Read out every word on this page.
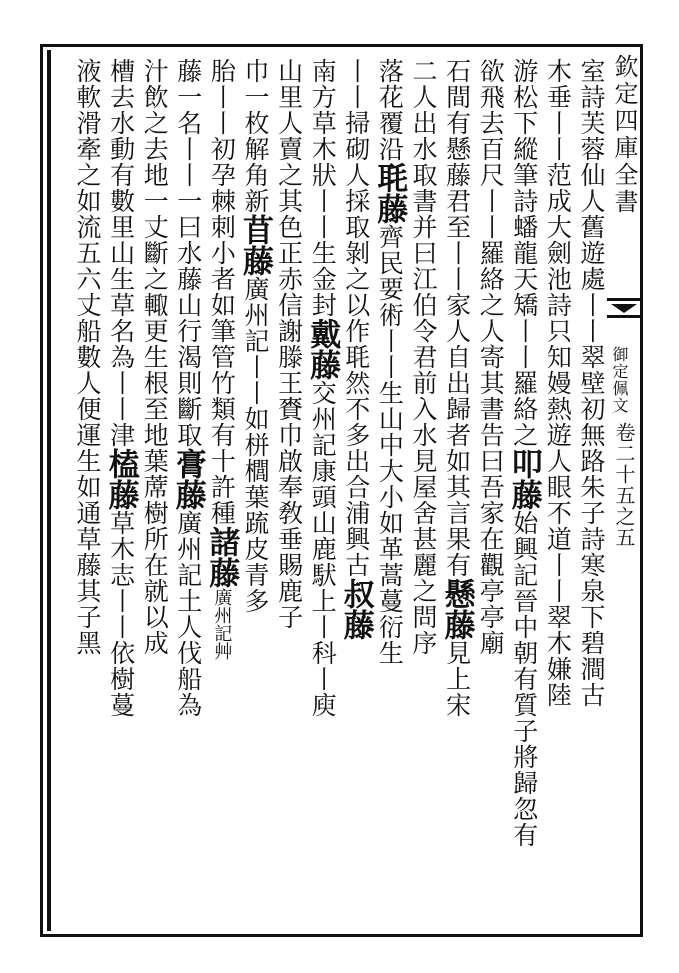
室詩芙蓉仙人舊遊處丨丨翠壁初無路朱子詩寒泉下碧澗古
木垂丨丨范成大劍池詩只知嫚熱遊人眼不道丨丨翠木嫌陸
游松下縱筆詩蟠龍天矯丨丨羅絡之叩藤始興記晉中朝有質子將歸忽有
欲飛去百尺丨丨羅絡之人寄其書告曰吾家在觀亭亭廟
石間有懸藤君至丨丨家人自出歸者如其言果有懸藤見上宋
二人出水取書并曰江伯令君前入水見屋舍甚麗之問序
落花覆沿毦藤齊民要術丨丨生山中大小如革蒿蔓衍生
丨丨掃砌人採取剝之以作毦然不多出合浦興古叔藤
南方草木狀丨丨生金封戴藤交州記康頭山鹿䭾上丨科丨庾
山里人賣之其色正赤信謝滕王賚巾啟奉敎垂賜鹿子
巾一枚解角新苜藤廣州記丨丨如栟櫚葉䟽皮青多
胎丨丨初孕棘刺小者如筆管竹類有十許種諸藤廣州記艸
藤一名丨丨一曰水藤山行渴則斷取膏藤廣州記土人伐船為
汁飲之去地一丈斷之輙更生根至地葉蓆樹所在就以成
槽去水動有數里山生草名為丨丨津榼藤草木志丨丨依樹蔓
液軟滑牽之如流五六丈船數人便運生如通草藤其子黑
欽定四庫全書
御定佩文
卷二十五之五
